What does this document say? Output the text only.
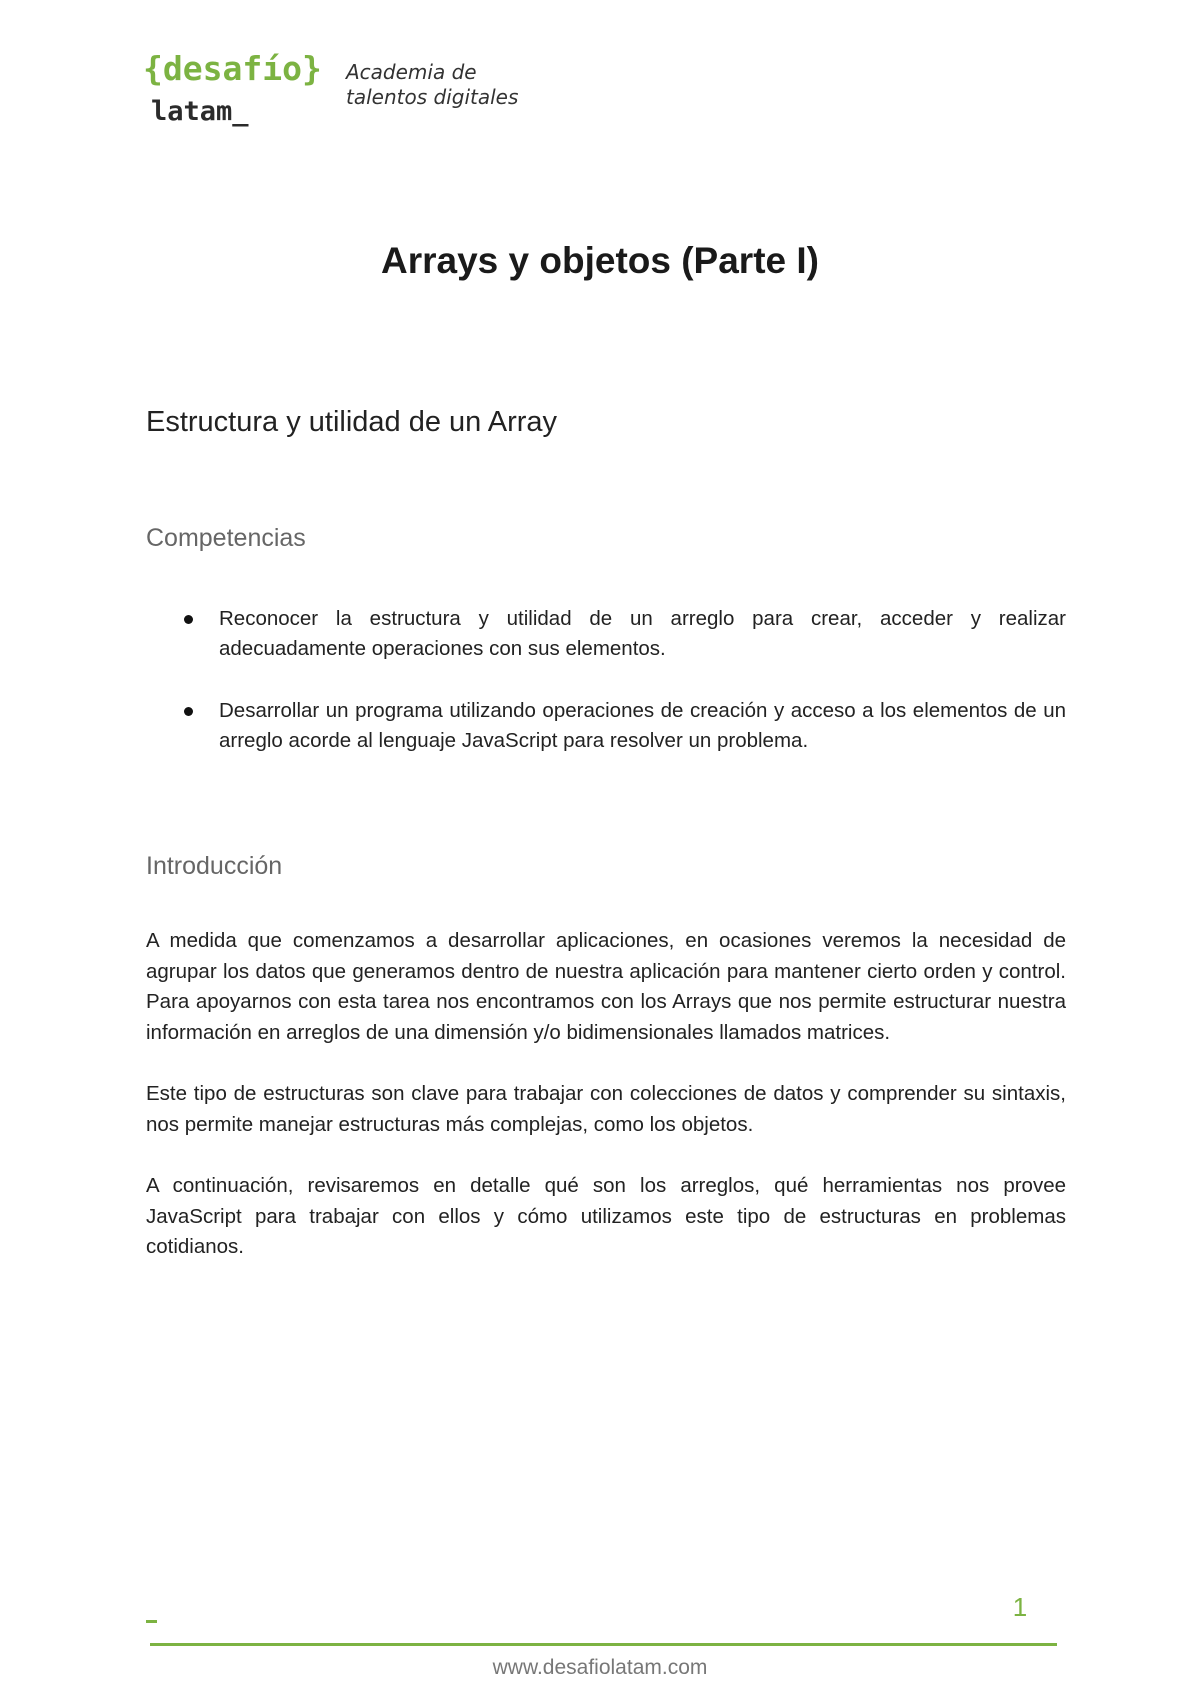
{desafío}
latam_
Academia de
talentos digitales
Arrays y objetos (Parte I)
Estructura y utilidad de un Array
Competencias
Reconocer la estructura y utilidad de un arreglo para crear, acceder y realizar adecuadamente operaciones con sus elementos.
Desarrollar un programa utilizando operaciones de creación y acceso a los elementos de un arreglo acorde al lenguaje JavaScript para resolver un problema.
Introducción

A medida que comenzamos a desarrollar aplicaciones, en ocasiones veremos la necesidad de agrupar los datos que generamos dentro de nuestra aplicación para mantener cierto orden y control. Para apoyarnos con esta tarea nos encontramos con los Arrays que nos permite estructurar nuestra información en arreglos de una dimensión y/o bidimensionales llamados matrices.

Este tipo de estructuras son clave para trabajar con colecciones de datos y comprender su sintaxis, nos permite manejar estructuras más complejas, como los objetos.

A continuación, revisaremos en detalle qué son los arreglos, qué herramientas nos provee JavaScript para trabajar con ellos y cómo utilizamos este tipo de estructuras en problemas cotidianos.

1

www.desafiolatam.com
